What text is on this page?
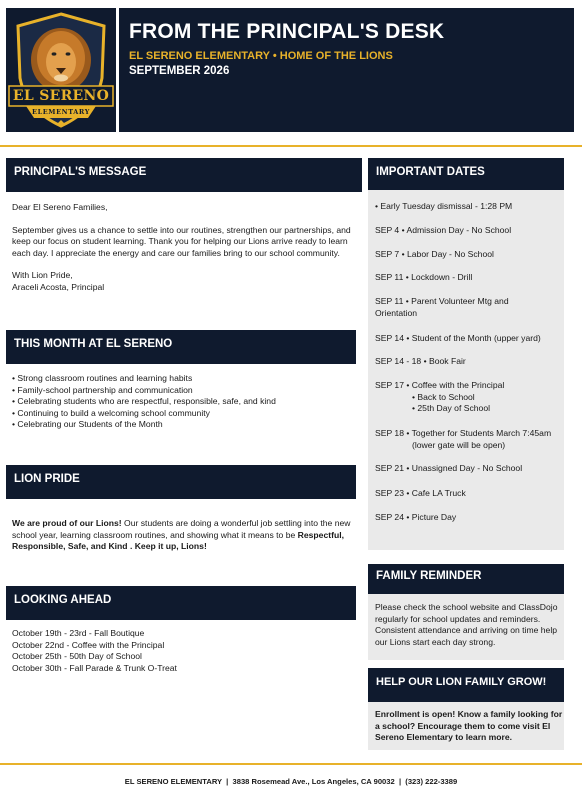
EL SERENO
ELEMENTARY
FROM THE PRINCIPAL'S DESK
EL SERENO ELEMENTARY • HOME OF THE LIONS
SEPTEMBER 2026
PRINCIPAL'S MESSAGE

Dear El Sereno Families,

September gives us a chance to settle into our routines, strengthen our partnerships, and keep our focus on student learning. Thank you for helping our Lions arrive ready to learn each day. I appreciate the energy and care our families bring to our school community.

With Lion Pride,
Araceli Acosta, Principal
THIS MONTH AT EL SERENO
• Strong classroom routines and learning habits
• Family-school partnership and communication
• Celebrating students who are respectful, responsible, safe, and kind
• Continuing to build a welcoming school community
• Celebrating our Students of the Month
LION PRIDE
We are proud of our Lions! Our students are doing a wonderful job settling into the new school year, learning classroom routines, and showing what it means to be Respectful, Responsible, Safe, and Kind . Keep it up, Lions!
LOOKING AHEAD
October 19th - 23rd - Fall Boutique
October 22nd - Coffee with the Principal
October 25th - 50th Day of School
October 30th - Fall Parade & Trunk O-Treat
IMPORTANT DATES
• Early Tuesday dismissal - 1:28 PM
SEP 4 • Admission Day - No School
SEP 7 • Labor Day - No School
SEP 11 • Lockdown - Drill
SEP 11 • Parent Volunteer Mtg and Orientation
SEP 14 • Student of the Month (upper yard)
SEP 14 - 18 • Book Fair
SEP 17 • Coffee with the Principal
• Back to School
• 25th Day of School
SEP 18 • Together for Students March 7:45am
(lower gate will be open)
SEP 21 • Unassigned Day - No School
SEP 23 • Cafe LA Truck
SEP 24 • Picture Day
FAMILY REMINDER
Please check the school website and ClassDojo regularly for school updates and reminders. Consistent attendance and arriving on time help our Lions start each day strong.
HELP OUR LION FAMILY GROW!
Enrollment is open! Know a family looking for a school? Encourage them to come visit El Sereno Elementary to learn more.
EL SERENO ELEMENTARY  |  3838 Rosemead Ave., Los Angeles, CA 90032  |  (323) 222-3389
